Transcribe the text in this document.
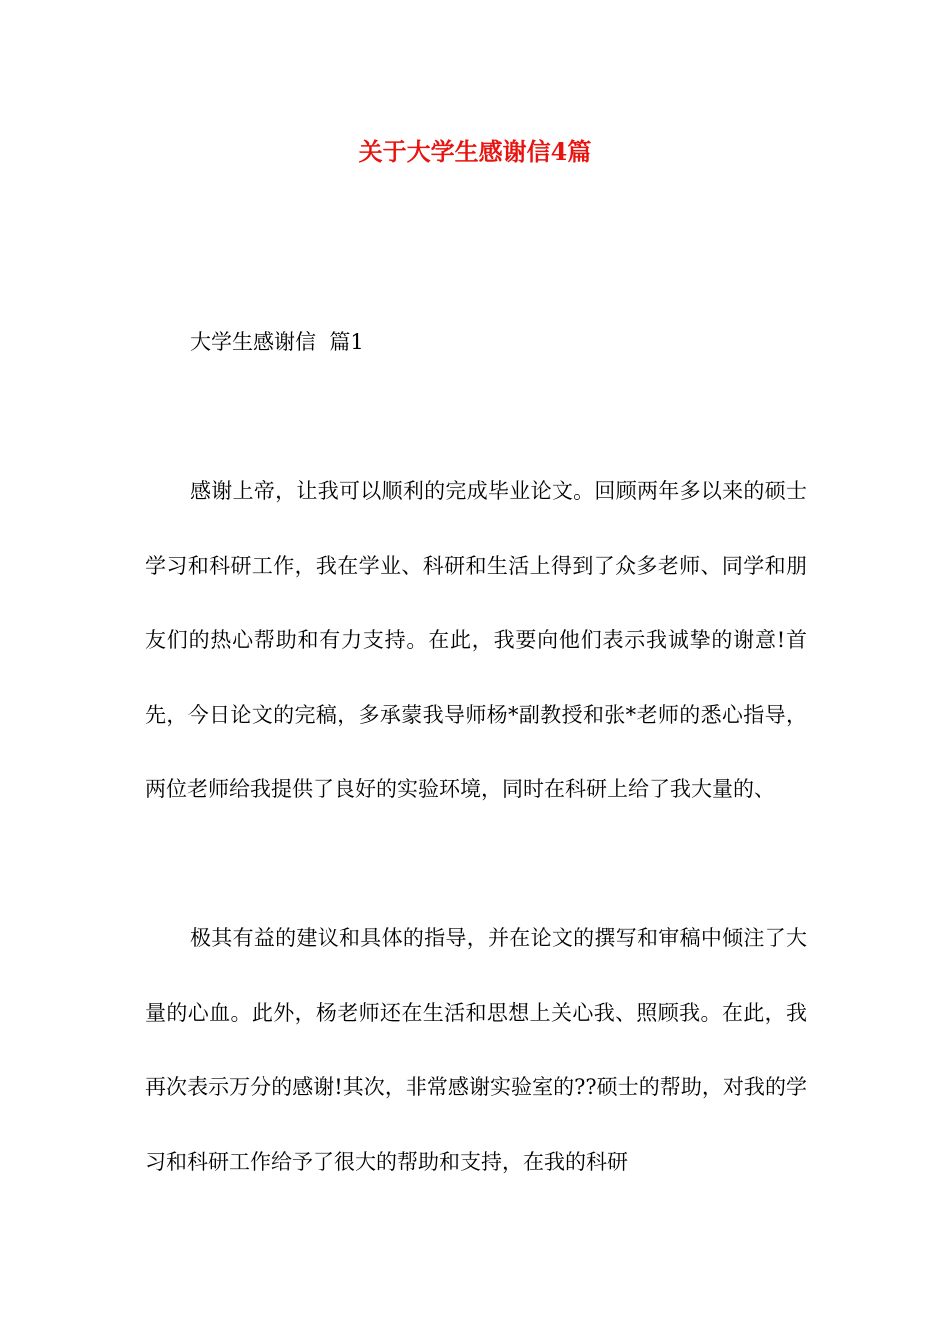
关于大学生感谢信4篇
大学生感谢信  篇1

感谢上帝，让我可以顺利的完成毕业论文。回顾两年多以来的硕士学习和科研工作，我在学业、科研和生活上得到了众多老师、同学和朋友们的热心帮助和有力支持。在此，我要向他们表示我诚挚的谢意!首先，今日论文的完稿，多承蒙我导师杨*副教授和张*老师的悉心指导，两位老师给我提供了良好的实验环境，同时在科研上给了我大量的、

极其有益的建议和具体的指导，并在论文的撰写和审稿中倾注了大量的心血。此外，杨老师还在生活和思想上关心我、照顾我。在此，我再次表示万分的感谢!其次，非常感谢实验室的??硕士的帮助，对我的学习和科研工作给予了很大的帮助和支持，在我的科研
